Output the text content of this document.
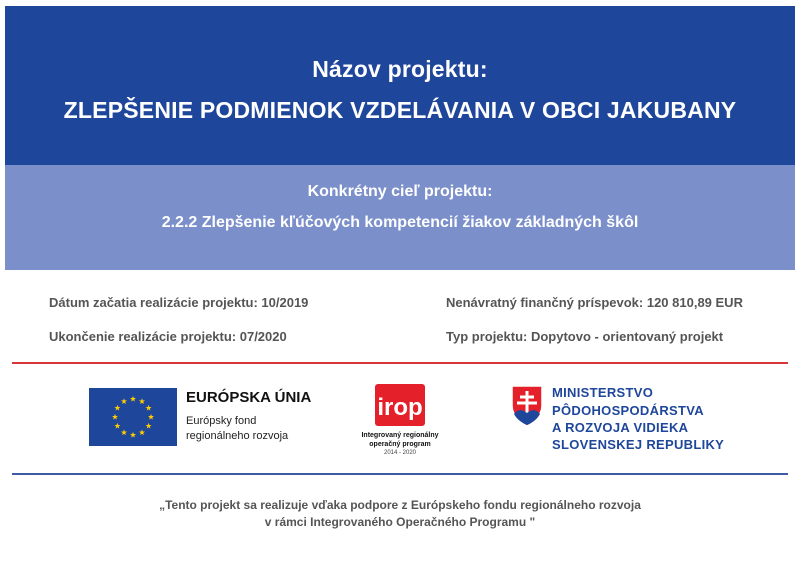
Názov projektu:
ZLEPŠENIE PODMIENOK VZDELÁVANIA V OBCI JAKUBANY
Konkrétny cieľ projektu:
2.2.2 Zlepšenie kľúčových kompetencií žiakov základných škôl
Dátum začatia realizácie projektu: 10/2019
Ukončenie realizácie projektu: 07/2020
Nenávratný finančný príspevok: 120 810,89 EUR
Typ projektu: Dopytovo - orientovaný projekt
EURÓPSKA ÚNIA
Európsky fond
regionálneho rozvoja
irop
Integrovaný regionálny
operačný program
2014 - 2020
MINISTERSTVO
PÔDOHOSPODÁRSTVA
A ROZVOJA VIDIEKA
SLOVENSKEJ REPUBLIKY
„Tento projekt sa realizuje vďaka podpore z Európskeho fondu regionálneho rozvoja
v rámci Integrovaného Operačného Programu "
